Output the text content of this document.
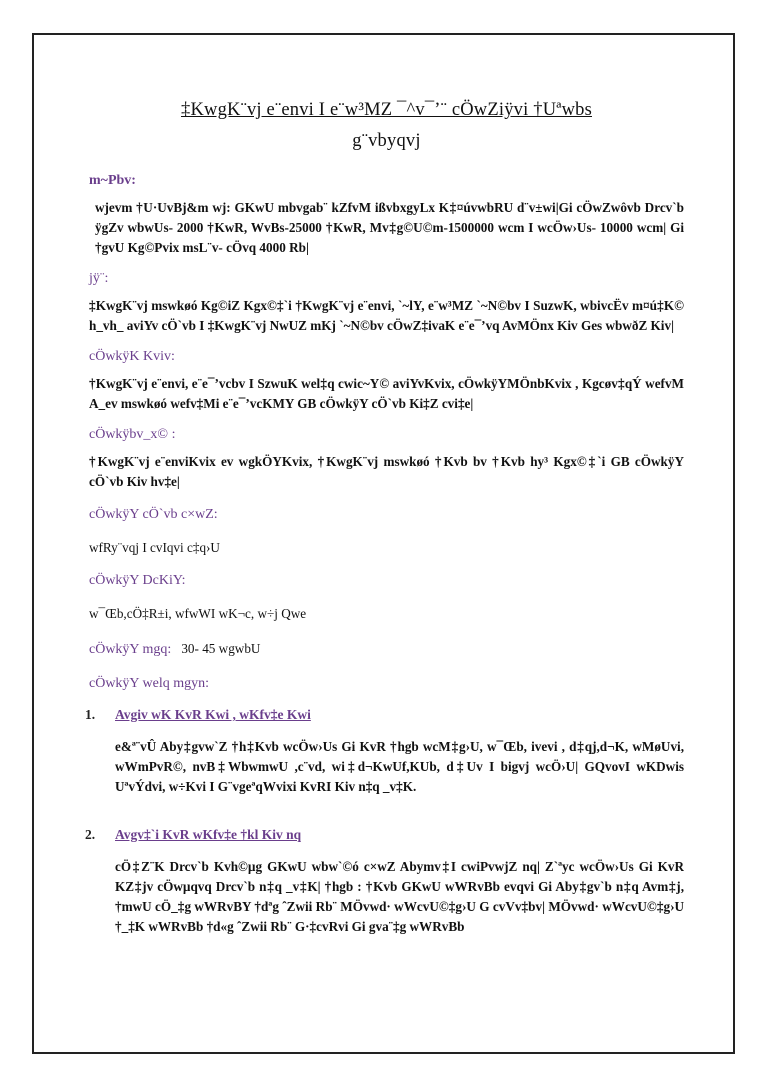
‡KwgK¨vj e¨envi I e¨w³MZ ¯^v¯’¨ cÖwZiÿvi †Uªwbs
g¨vbyqvj
m~Pbv:
wjevm †U·UvBj&m wj: GKwU mbvgab¨ kZfvM ißvbxgyLx K‡¤úvwbRU d¨v±wi|Gi cÖwZwôvb Drcv`b ÿgZv wbwUs- 2000 †KwR, WvBs-25000 †KwR, Mv‡g©U©m-1500000 wcm I wcÖw›Us- 10000 wcm| Gi †gvU Kg©Pvix msL¨v- cÖvq 4000 Rb|
jÿ¨:
‡KwgK¨vj mswkøó Kg©iZ Kgx©‡`i †KwgK¨vj e¨envi, `~lY, e¨w³MZ `~N©bv I SuzwK, wbivcËv m¤ú‡K© h_vh_ aviYv cÖ`vb I ‡KwgK¨vj NwUZ mKj `~N©bv cÖwZ‡ivaK e¨e¯’vq AvMÖnx Kiv Ges wbwðZ Kiv|
cÖwkÿK Kviv:
†KwgK¨vj e¨envi, e¨e¯’vcbv I SzwuK wel‡q cwic~Y© aviYvKvix, cÖwkÿYMÖnbKvix , Kgcøv‡qÝ wefvM A_ev mswkøó wefv‡Mi e¨e¯’vcKMY GB cÖwkÿY cÖ`vb Ki‡Z cvi‡e|
cÖwkÿbv_x© :
†KwgK¨vj e¨enviKvix ev wgkÖYKvix, †KwgK¨vj mswkøó †Kvb bv †Kvb hy³ Kgx©‡`i GB cÖwkÿY cÖ`vb Kiv hv‡e|
cÖwkÿY cÖ`vb c×wZ:
wfRy¨vqj I cvIqvi c‡q›U
cÖwkÿY DcKiY:
w¯Œb,cÖ‡R±i, wfwWI wK¬c, w÷j Qwe
cÖwkÿY mgq: 30- 45 wgwbU
cÖwkÿY welq mgyn:
1.	Avgiv wK KvR Kwi , wKfv‡e Kwi
e&ª¨vÛ Aby‡gvw`Z †h‡Kvb wcÖw›Us Gi KvR †hgb wcM‡g›U, w¯Œb, ivevi , d‡qj,d¬K, wMøUvi, wWmPvR©, nvB‡WbwmwU ,c¨vd, wi‡d¬KwUf,KUb, d‡Uv I bigvj wcÖ›U| GQvovI wKDwis UªvÝdvi, w÷Kvi I G¨vgeªqWvixi KvRI Kiv n‡q _v‡K.
2.	Avgv‡`i KvR wKfv‡e †kl Kiv nq
cÖ‡Z¨K Drcv`b Kvh©µg GKwU wbw`©ó c×wZ Abymv‡I cwiPvwjZ nq| Z`ªyc wcÖw›Us Gi KvR KZ‡jv cÖwµqvq Drcv`b n‡q _v‡K| †hgb : †Kvb GKwU wWRvBb evqvi Gi Aby‡gv`b n‡q Avm‡j, †mwU cÖ_‡g wWRvBY †dªg ˆZwii Rb¨ MÖvwd· wWcvU©‡g›U G cvVv‡bv| MÖvwd· wWcvU©‡g›U †_‡K wWRvBb †d«g ˆZwii Rb¨ G·‡cvRvi Gi gva¨‡g wWRvBb
